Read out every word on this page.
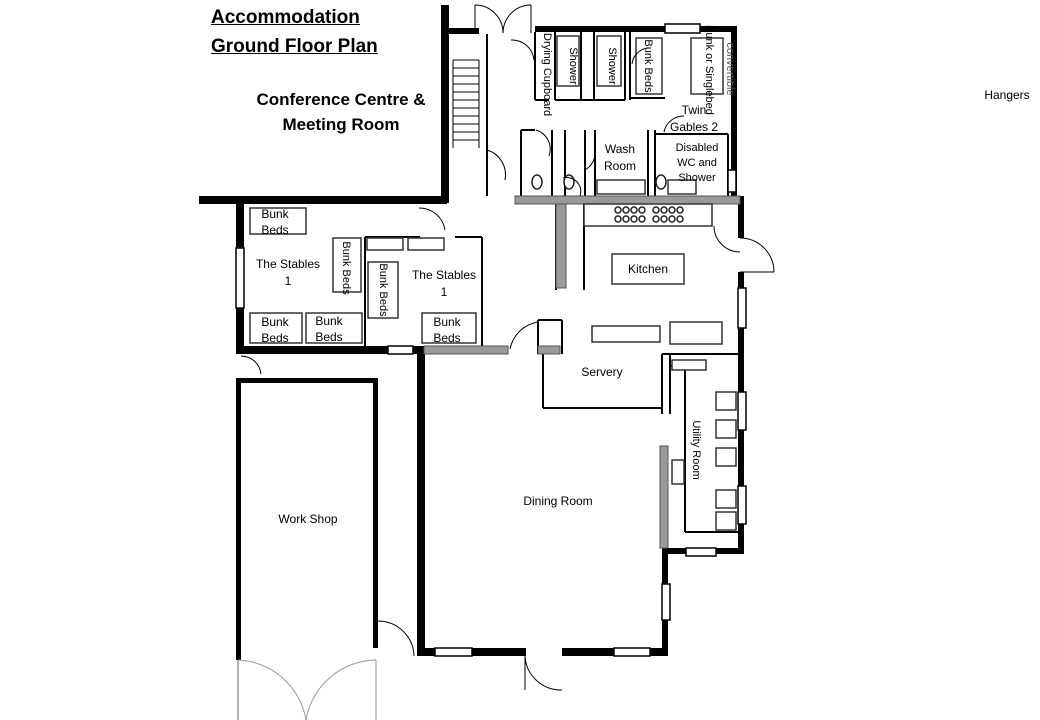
Accommodation
Ground Floor Plan
Conference Centre &
Meeting Room
Hangers
Drying Cupboard Shower Shower Bunk Beds	Bunk or Singlebed convertible
Twin
Gables 2
Wash
Room
Disabled
WC and
Shower
Kitchen
Servery
Utility Room
Dining Room
Work Shop
The Stables
1	The Stables
1
Bunk
Beds
Bunk
Beds
Bunk
Beds
Bunk
Beds
Bunk Beds Bunk Beds
